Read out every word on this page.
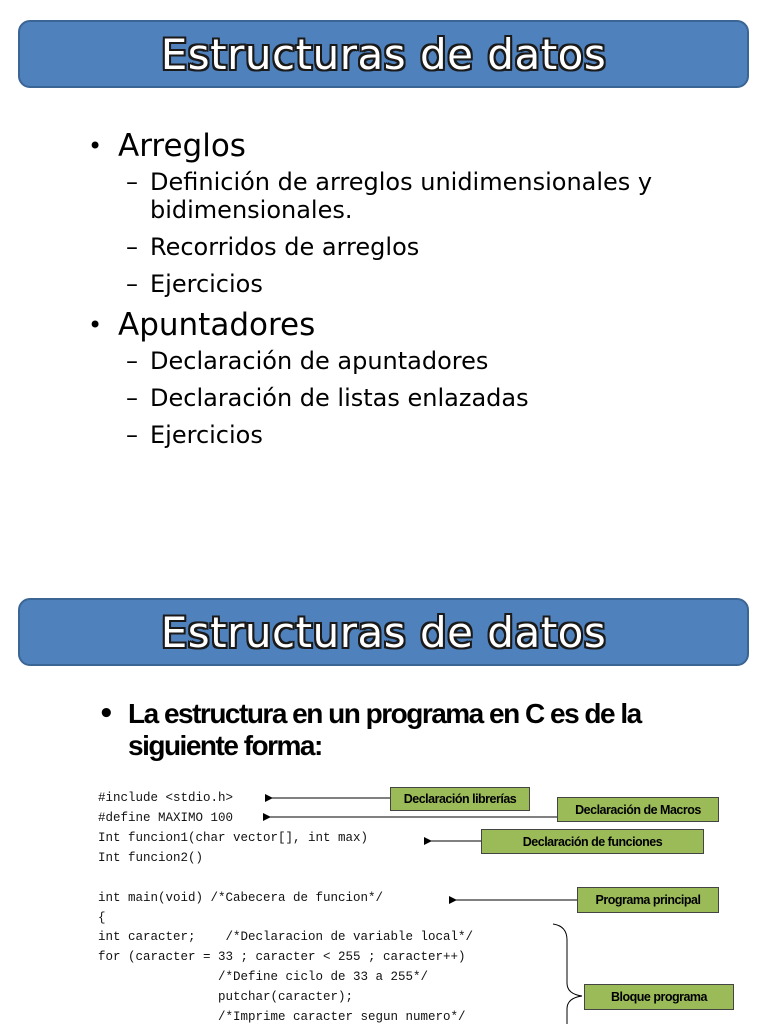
Estructuras de datos
• Arreglos
– Definición de arreglos unidimensionales y bidimensionales.
– Recorridos de arreglos
– Ejercicios
• Apuntadores
– Declaración de apuntadores
– Declaración de listas enlazadas
– Ejercicios
Estructuras de datos
• La estructura en un programa en C es de la siguiente forma:
#include <stdio.h>
#define MAXIMO 100
Int funcion1(char vector[], int max)
Int funcion2()
int main(void) /*Cabecera de funcion*/
{
int caracter;    /*Declaracion de variable local*/
for (caracter = 33 ; caracter < 255 ; caracter++)
/*Define ciclo de 33 a 255*/
putchar(caracter);
/*Imprime caracter segun numero*/
Declaración librerías
Declaración de Macros
Declaración de funciones
Programa principal
Bloque programa
